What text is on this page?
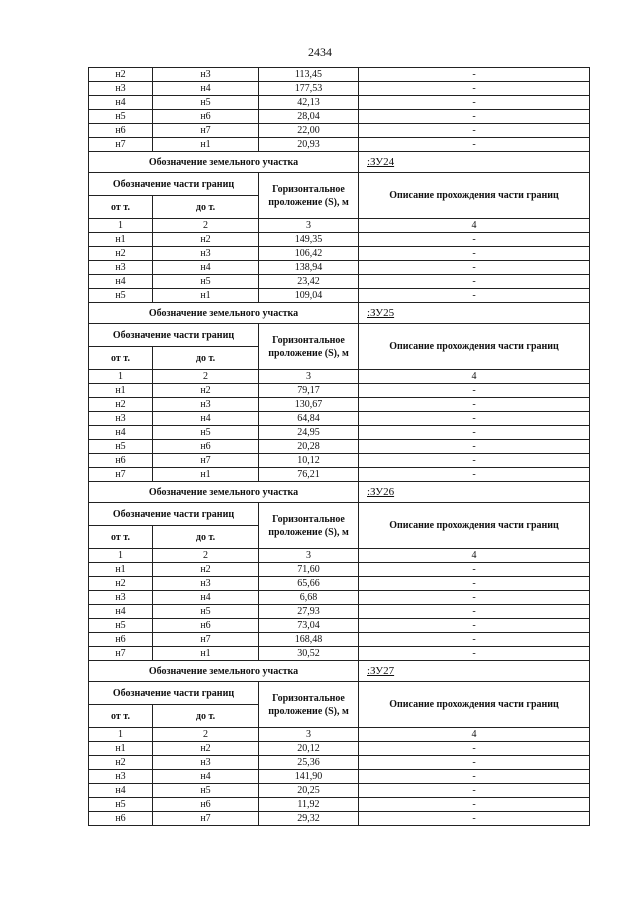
2434
н2	н3	113,45	-
н3	н4	177,53	-
н4	н5	42,13	-
н5	н6	28,04	-
н6	н7	22,00	-
н7	н1	20,93	-
Обозначение земельного участка			:ЗУ24
Обозначение части границ		Горизонтальное проложение (S), м	Описание прохождения части границ
от т.	до т.		
1	2	3	4
н1	н2	149,35	-
н2	н3	106,42	-
н3	н4	138,94	-
н4	н5	23,42	-
н5	н1	109,04	-
Обозначение земельного участка			:ЗУ25
Обозначение части границ		Горизонтальное проложение (S), м	Описание прохождения части границ
от т.	до т.		
1	2	3	4
н1	н2	79,17	-
н2	н3	130,67	-
н3	н4	64,84	-
н4	н5	24,95	-
н5	н6	20,28	-
н6	н7	10,12	-
н7	н1	76,21	-
Обозначение земельного участка			:ЗУ26
Обозначение части границ		Горизонтальное проложение (S), м	Описание прохождения части границ
от т.	до т.		
1	2	3	4
н1	н2	71,60	-
н2	н3	65,66	-
н3	н4	6,68	-
н4	н5	27,93	-
н5	н6	73,04	-
н6	н7	168,48	-
н7	н1	30,52	-
Обозначение земельного участка			:ЗУ27
Обозначение части границ		Горизонтальное проложение (S), м	Описание прохождения части границ
от т.	до т.		
1	2	3	4
н1	н2	20,12	-
н2	н3	25,36	-
н3	н4	141,90	-
н4	н5	20,25	-
н5	н6	11,92	-
н6	н7	29,32	-
